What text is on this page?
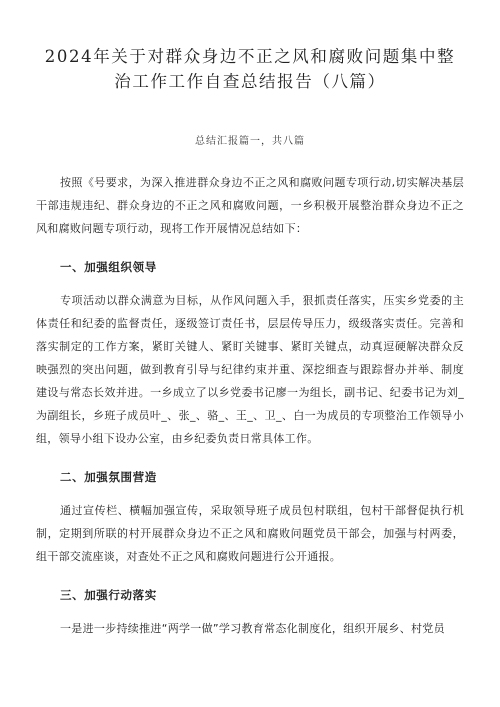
2024年关于对群众身边不正之风和腐败问题集中整治工作工作自查总结报告（八篇）

总结汇报篇一，共八篇

按照《号要求，为深入推进群众身边不正之风和腐败问题专项行动,切实解决基层干部违规违纪、群众身边的不正之风和腐败问题，一乡积极开展整治群众身边不正之风和腐败问题专项行动，现将工作开展情况总结如下：

一、加强组织领导

专项活动以群众满意为目标，从作风问题入手，狠抓责任落实，压实乡党委的主体责任和纪委的监督责任，逐级签订责任书，层层传导压力，级级落实责任。完善和落实制定的工作方案，紧盯关键人、紧盯关键事、紧盯关键点，动真逗硬解决群众反映强烈的突出问题，做到教育引导与纪律约束并重、深挖细查与跟踪督办并举、制度建设与常态长效并进。一乡成立了以乡党委书记廖一为组长，副书记、纪委书记为刘_为副组长，乡班子成员叶_、张_、骆_、王_、卫_、白一为成员的专项整治工作领导小组，领导小组下设办公室，由乡纪委负责日常具体工作。

二、加强氛围营造

通过宣传栏、横幅加强宣传，采取领导班子成员包村联组，包村干部督促执行机制，定期到所联的村开展群众身边不正之风和腐败问题党员干部会，加强与村两委，组干部交流座谈，对查处不正之风和腐败问题进行公开通报。

三、加强行动落实

一是进一步持续推进“两学一做”学习教育常态化制度化，组织开展乡、村党员
